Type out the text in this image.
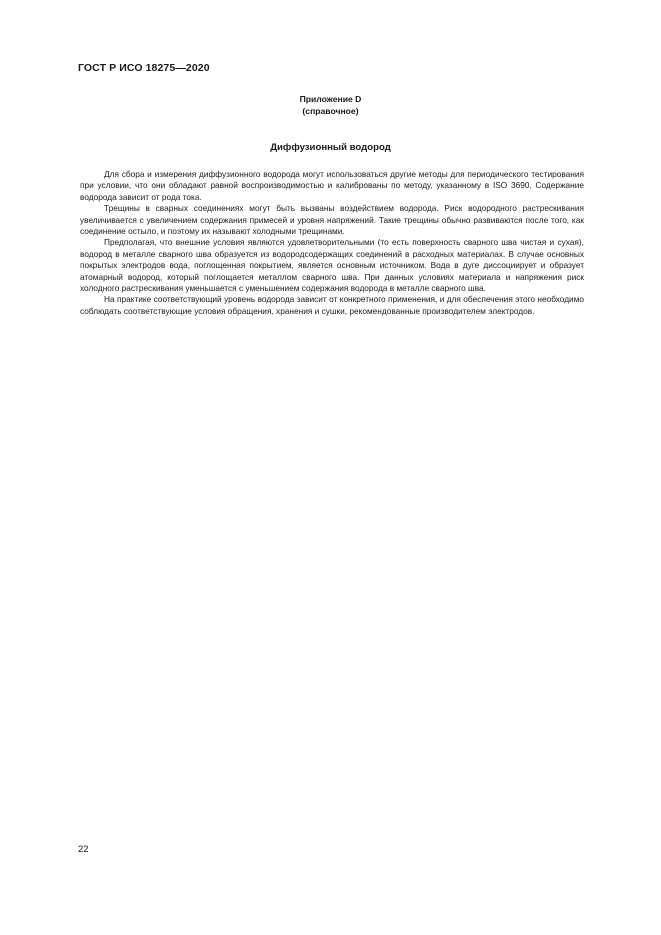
ГОСТ Р ИСО 18275—2020
Приложение D
(справочное)
Диффузионный водород

Для сбора и измерения диффузионного водорода могут использоваться другие методы для периодического тестирования при условии, что они обладают равной воспроизводимостью и калиброваны по методу, указанному в ISO 3690. Содержание водорода зависит от рода тока.

Трещины в сварных соединениях могут быть вызваны воздействием водорода. Риск водородного растрескивания увеличивается с увеличением содержания примесей и уровня напряжений. Такие трещины обычно развиваются после того, как соединение остыло, и поэтому их называют холодными трещинами.

Предполагая, что внешние условия являются удовлетворительными (то есть поверхность сварного шва чистая и сухая), водород в металле сварного шва образуется из водородсодержащих соединений в расходных материалах. В случае основных покрытых электродов вода, поглощенная покрытием, является основным источником. Вода в дуге диссоциирует и образует атомарный водород, который поглощается металлом сварного шва. При данных условиях материала и напряжения риск холодного растрескивания уменьшается с уменьшением содержания водорода в металле сварного шва.

На практике соответствующий уровень водорода зависит от конкретного применения, и для обеспечения этого необходимо соблюдать соответствующие условия обращения, хранения и сушки, рекомендованные производителем электродов.

22
